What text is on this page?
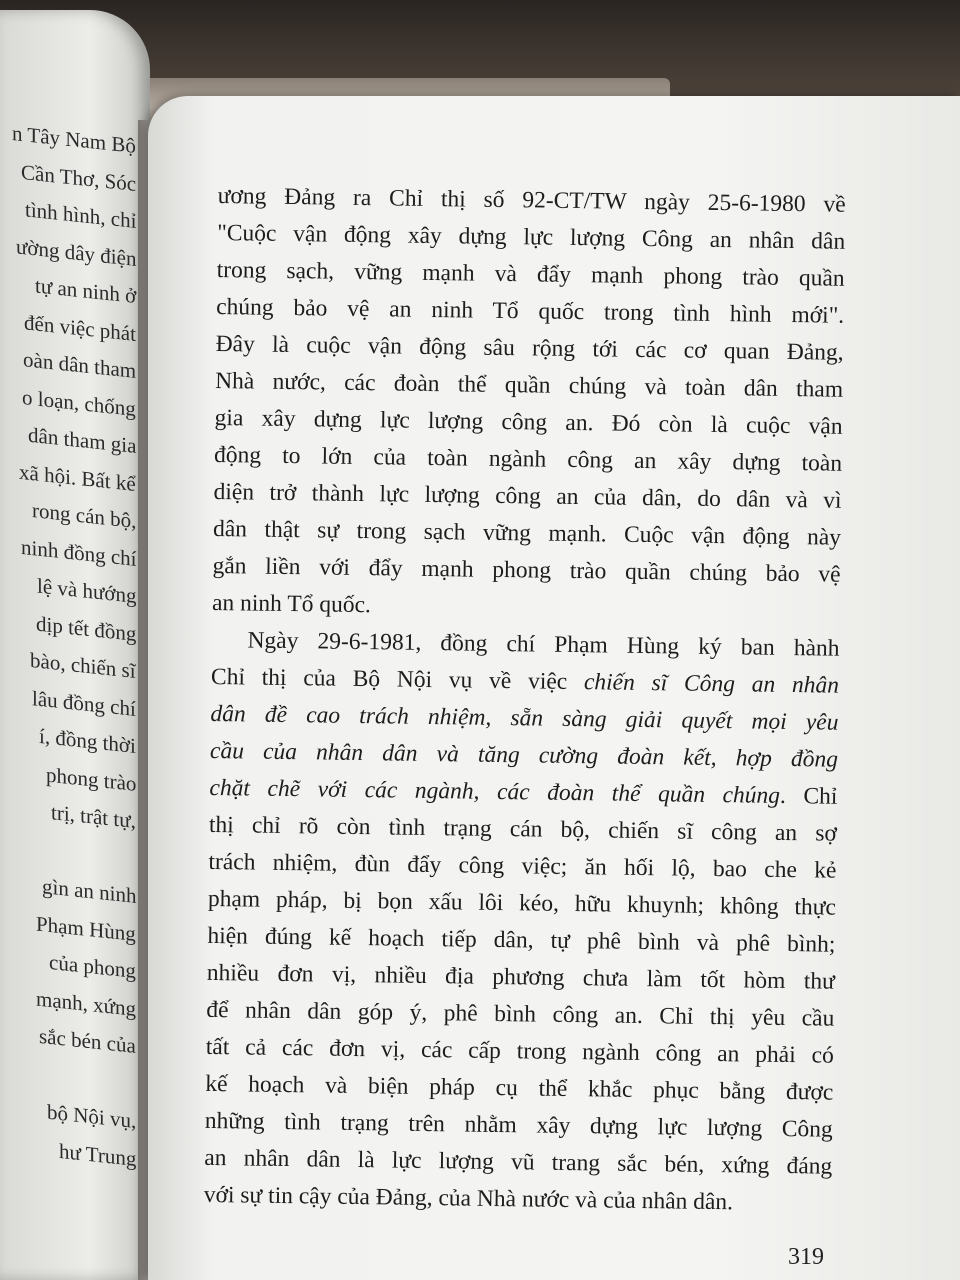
n Tây Nam Bộ
Cần Thơ, Sóc
tình hình, chỉ
ường dây điện
tự an ninh ở
đến việc phát
oàn dân tham
o loạn, chống
dân tham gia
xã hội. Bất kể
rong cán bộ,
ninh đồng chí
lệ và hướng
dịp tết đồng
bào, chiến sĩ
lâu đồng chí
í, đồng thời
phong trào
trị, trật tự,
gìn an ninh
Phạm Hùng
của phong
mạnh, xứng
sắc bén của
bộ Nội vụ,
hư Trung
ương Đảng ra Chỉ thị số 92-CT/TW ngày 25-6-1980 về
"Cuộc vận động xây dựng lực lượng Công an nhân dân
trong sạch, vững mạnh và đẩy mạnh phong trào quần
chúng bảo vệ an ninh Tổ quốc trong tình hình mới".
Đây là cuộc vận động sâu rộng tới các cơ quan Đảng,
Nhà nước, các đoàn thể quần chúng và toàn dân tham
gia xây dựng lực lượng công an. Đó còn là cuộc vận
động to lớn của toàn ngành công an xây dựng toàn
diện trở thành lực lượng công an của dân, do dân và vì
dân thật sự trong sạch vững mạnh. Cuộc vận động này
gắn liền với đẩy mạnh phong trào quần chúng bảo vệ
an ninh Tổ quốc.
Ngày 29-6-1981, đồng chí Phạm Hùng ký ban hành
Chỉ thị của Bộ Nội vụ về việc chiến sĩ Công an nhân
dân đề cao trách nhiệm, sẵn sàng giải quyết mọi yêu
cầu của nhân dân và tăng cường đoàn kết, hợp đồng
chặt chẽ với các ngành, các đoàn thể quần chúng. Chỉ
thị chỉ rõ còn tình trạng cán bộ, chiến sĩ công an sợ
trách nhiệm, đùn đẩy công việc; ăn hối lộ, bao che kẻ
phạm pháp, bị bọn xấu lôi kéo, hữu khuynh; không thực
hiện đúng kế hoạch tiếp dân, tự phê bình và phê bình;
nhiều đơn vị, nhiều địa phương chưa làm tốt hòm thư
để nhân dân góp ý, phê bình công an. Chỉ thị yêu cầu
tất cả các đơn vị, các cấp trong ngành công an phải có
kế hoạch và biện pháp cụ thể khắc phục bằng được
những tình trạng trên nhằm xây dựng lực lượng Công
an nhân dân là lực lượng vũ trang sắc bén, xứng đáng
với sự tin cậy của Đảng, của Nhà nước và của nhân dân.
319
